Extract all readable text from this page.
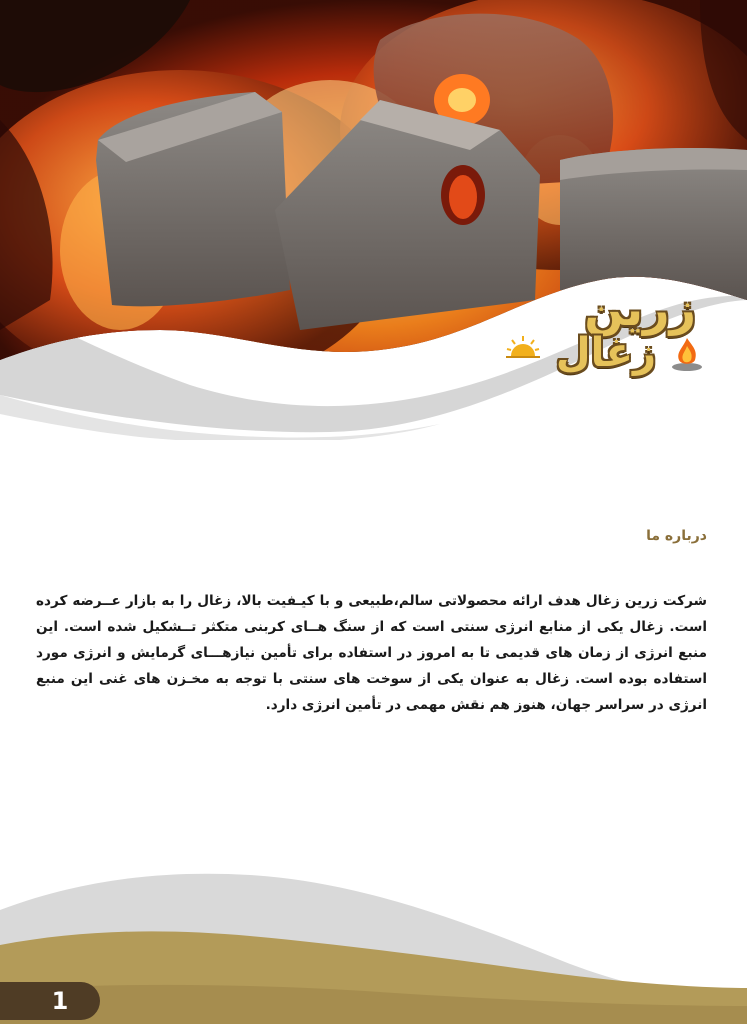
زرین
زغال
درباره ما

شرکت زرین زغال هدف ارائه محصولاتی سالم،طبیعی و با کیـفیت بالا، زغال را به بازار عــرضه کرده است. زغال یکی از منابع انرژی سنتی است که از سنگ هــای کربنی متکثر تــشکیل شده است. این منبع انرژی از زمان های قدیمی تا به امروز در استفاده برای تأمین نیازهـــای گرمایش و انرژی مورد استفاده بوده است. زغال به عنوان یکی از سوخت های سنتی با توجه به مخـزن های غنی این منبع انرژی در سراسر جهان، هنوز هم نقش مهمی در تأمین انرژی دارد.

1
